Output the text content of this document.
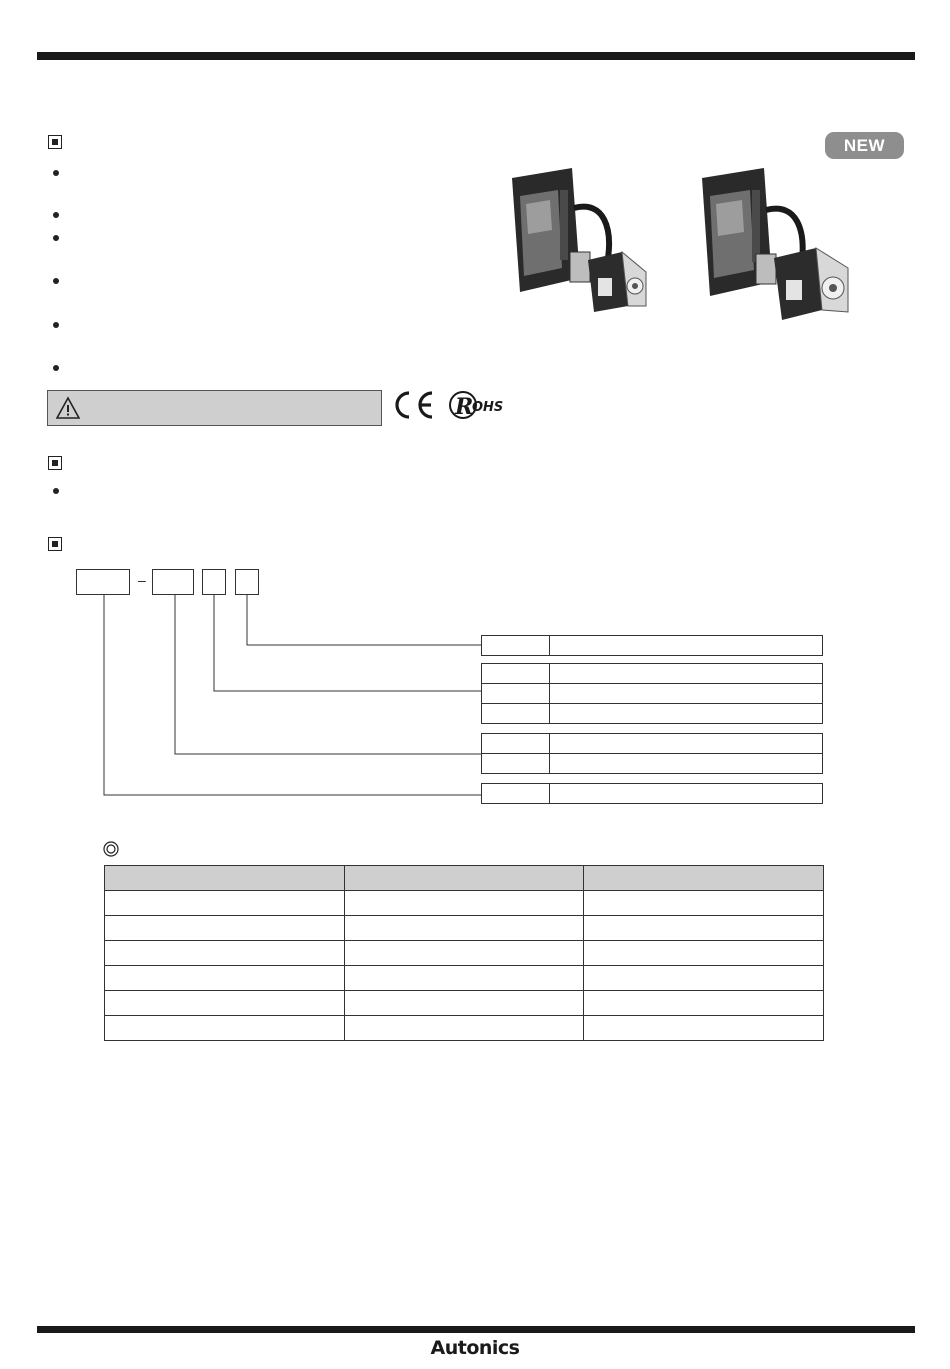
NEW
R
OHS
–

Autonics
